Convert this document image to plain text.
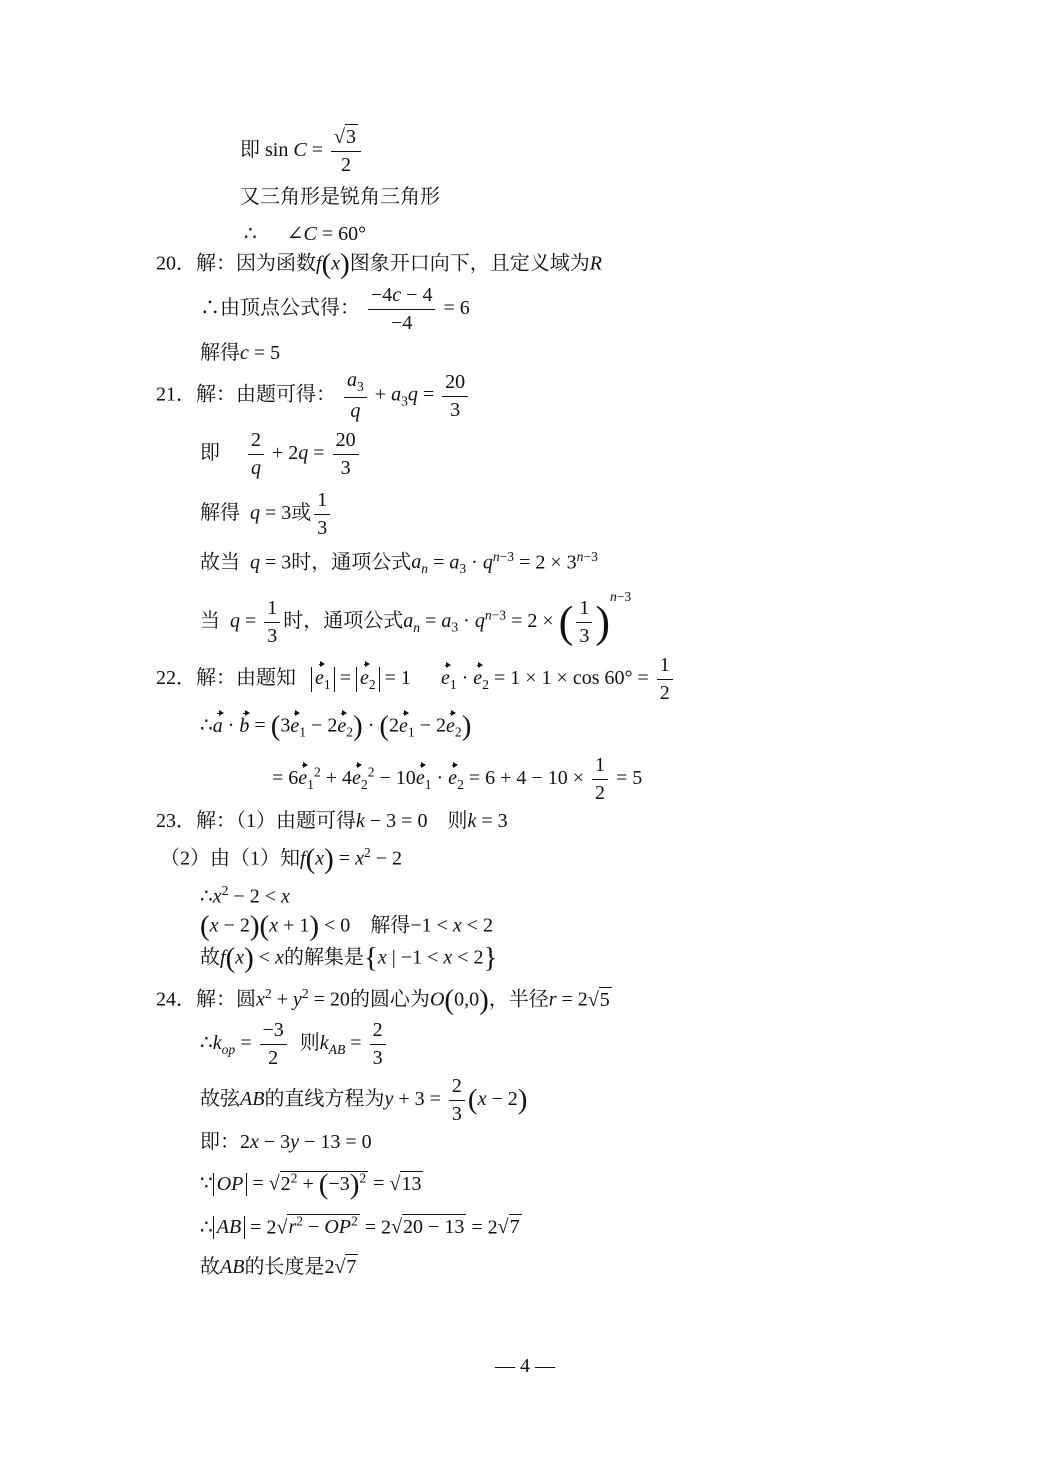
即 $\sin C = \frac{√3}{2}$
又三角形是锐角三角形
∴ ∠C = 60°
20．解：因为函数f(x)图象开口向下，且定义域为R
∴由顶点公式得： $\frac{-4c - 4}{-4} = 6$
解得c = 5
21．解：由题可得： $\frac{a_3}{q} + a_3q = \frac{20}{3}$
即 $\frac{2}{q} + 2q = \frac{20}{3}$
解得 q = 3或 $\frac{1}{3}$
故当 q = 3时，通项公式$a_n = a_3 \cdot q^{n-3} = 2 \times 3^{n-3}$
当 $q = \frac{1}{3}$ 时，通项公式$a_n = a_3 \cdot q^{n-3} = 2$ × ( $\frac{1}{3} )^{n-3}$
22．解：由题知 $e_1 = e_2 = 1$  $e_1 \cdot e_2 = 1 \times 1 \times \cos 60^\circ = \frac{1}{2}$
∴a · $b = (3e_1 - 2e_2) \cdot (2e_1 - 2e_2)$
= $6e_1^2 + 4e_2^2 - 10e_1 \cdot e_2 = 6 + 4 - 10 \times \frac{1}{2} = 5$
23．解：（1）由题可得k − 3 = 0 则k = 3
（2）由（1）知$f(x) = x^2 - 2$
$\therefore x^2 - 2 < x$
(x − 2)(x + 1) < 0 解得−1 < x < 2
故f(x) < x的解集是{x | −1 < x < 2}
24．解：圆$x^2 + y^2 = 20$的圆心为O(0,0)，半径r = 2√5
$\therefore k_{op} = \frac{-3}{2}$ 则$k_{AB} = \frac{2}{3}$
故弦AB的直线方程为$y + 3 = \frac{2}{3} (x - 2)$
即：2x − 3y − 13 = 0
∵ OP = $√2^2 + (-3)^2 = √13$
∴ AB = $2√r^2 - OP^2 = 2√20 - 13 = 2√7$
故AB的长度是2√7
— 4 —
